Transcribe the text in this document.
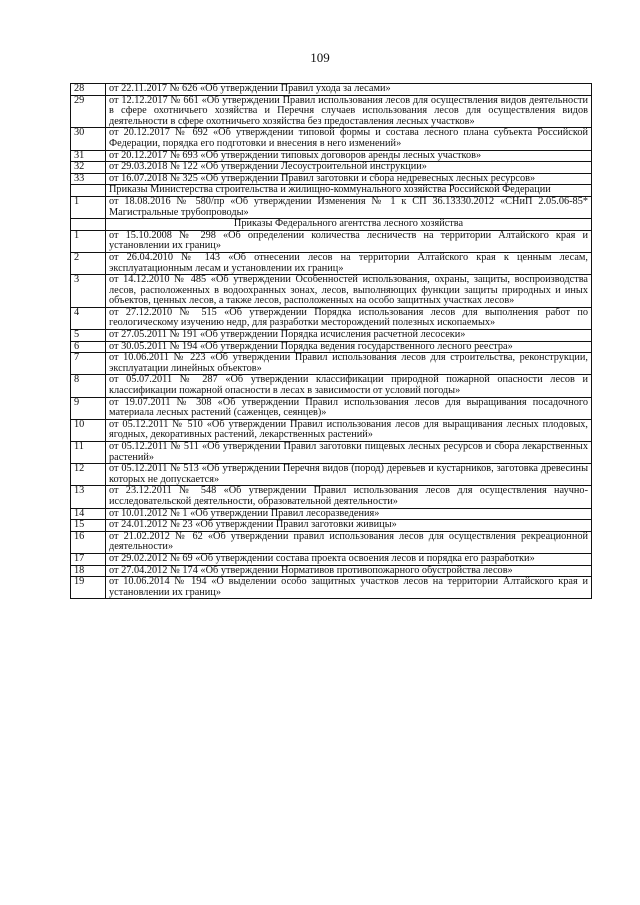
109
28	от 22.11.2017 № 626 «Об утверждении Правил ухода за лесами»
29	от 12.12.2017 № 661 «Об утверждении Правил использования лесов для осуществления видов деятельности в сфере охотничьего хозяйства и Перечня случаев использования лесов для осуществления видов деятельности в сфере охотничьего хозяйства без предоставления лесных участков»
30	от 20.12.2017 № 692 «Об утверждении типовой формы и состава лесного плана субъекта Российской Федерации, порядка его подготовки и внесения в него изменений»
31	от 20.12.2017 № 693 «Об утверждении типовых договоров аренды лесных участков»
32	от 29.03.2018 № 122 «Об утверждении Лесоустроительной инструкции»
33	от 16.07.2018 № 325 «Об утверждении Правил заготовки и сбора недревесных лесных ресурсов»
	Приказы Министерства строительства и жилищно-коммунального хозяйства Российской Федерации
1	от 18.08.2016 № 580/пр «Об утверждении Изменения № 1 к СП 36.13330.2012 «СНиП 2.05.06-85* Магистральные трубопроводы»
	Приказы Федерального агентства лесного хозяйства
1	от 15.10.2008 № 298 «Об определении количества лесничеств на территории Алтайского края и установлении их границ»
2	от 26.04.2010 № 143 «Об отнесении лесов на территории Алтайского края к ценным лесам, эксплуатационным лесам и установлении их границ»
3	от 14.12.2010 № 485 «Об утверждении Особенностей использования, охраны, защиты, воспроизводства лесов, расположенных в водоохранных зонах, лесов, выполняющих функции защиты природных и иных объектов, ценных лесов, а также лесов, расположенных на особо защитных участках лесов»
4	от 27.12.2010 № 515 «Об утверждении Порядка использования лесов для выполнения работ по геологическому изучению недр, для разработки месторождений полезных ископаемых»
5	от 27.05.2011 № 191 «Об утверждении Порядка исчисления расчетной лесосеки»
6	от 30.05.2011 № 194 «Об утверждении Порядка ведения государственного лесного реестра»
7	от 10.06.2011 № 223 «Об утверждении Правил использования лесов для строительства, реконструкции, эксплуатации линейных объектов»
8	от 05.07.2011 № 287 «Об утверждении классификации природной пожарной опасности лесов и классификации пожарной опасности в лесах в зависимости от условий погоды»
9	от 19.07.2011 № 308 «Об утверждении Правил использования лесов для выращивания посадочного материала лесных растений (саженцев, сеянцев)»
10	от 05.12.2011 № 510 «Об утверждении Правил использования лесов для выращивания лесных плодовых, ягодных, декоративных растений, лекарственных растений»
11	от 05.12.2011 № 511 «Об утверждении Правил заготовки пищевых лесных ресурсов и сбора лекарственных растений»
12	от 05.12.2011 № 513 «Об утверждении Перечня видов (пород) деревьев и кустарников, заготовка древесины которых не допускается»
13	от 23.12.2011 № 548 «Об утверждении Правил использования лесов для осуществления научно-исследовательской деятельности, образовательной деятельности»
14	от 10.01.2012 № 1 «Об утверждении Правил лесоразведения»
15	от 24.01.2012 № 23 «Об утверждении Правил заготовки живицы»
16	от 21.02.2012 № 62 «Об утверждении правил использования лесов для осуществления рекреационной деятельности»
17	от 29.02.2012 № 69 «Об утверждении состава проекта освоения лесов и порядка его разработки»
18	от 27.04.2012 № 174 «Об утверждении Нормативов противопожарного обустройства лесов»
19	от 10.06.2014 № 194 «О выделении особо защитных участков лесов на территории Алтайского края и установлении их границ»
